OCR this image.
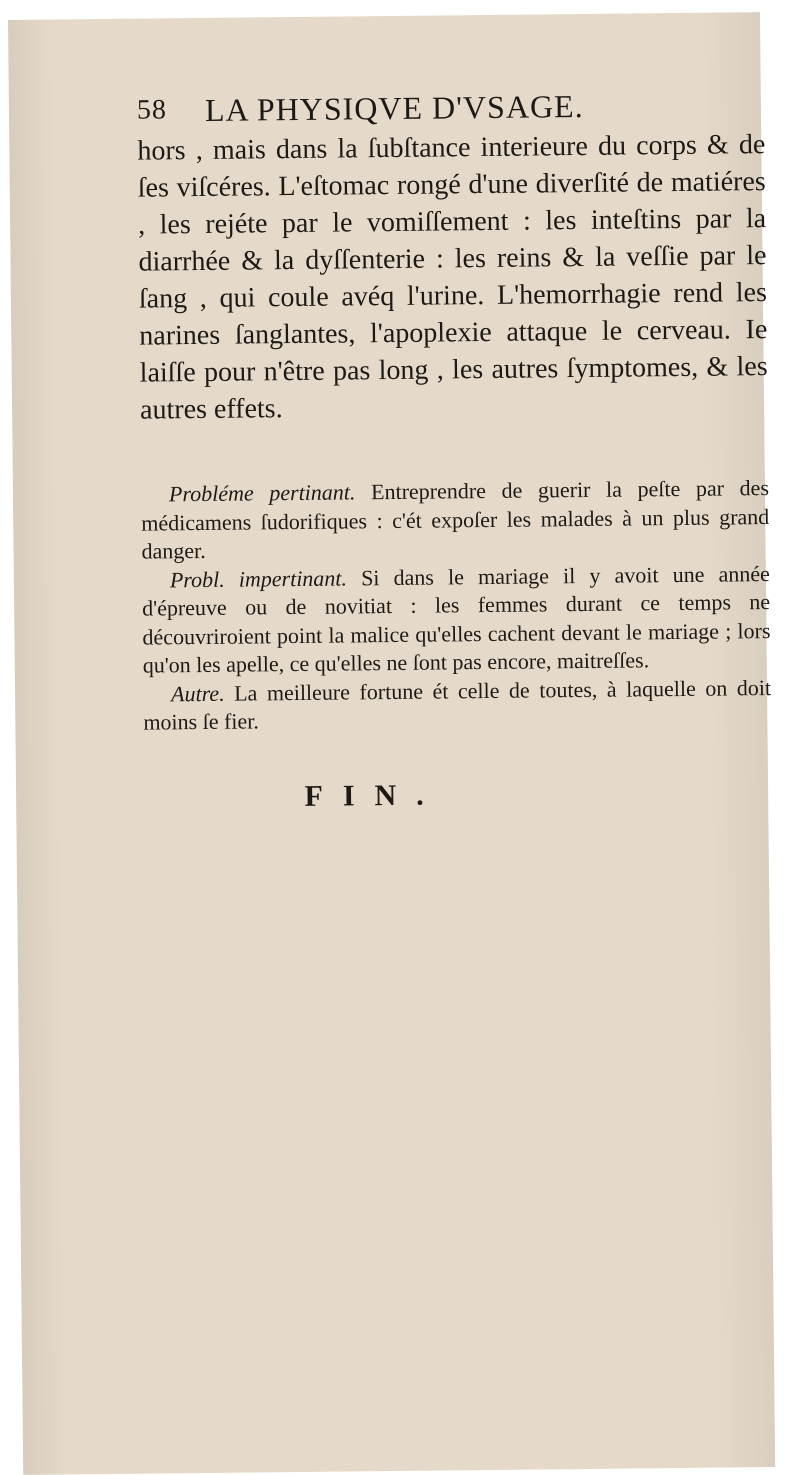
58 LA PHYSIQVE D'VSAGE.

hors , mais dans la ſubſtance interieure du corps & de ſes viſcéres. L'eſtomac rongé d'une diverſité de matiéres , les rejéte par le vomiſſement : les inteſtins par la diarrhée & la dyſſenterie : les reins & la veſſie par le ſang , qui coule avéq l'urine. L'hemorrhagie rend les narines ſanglantes, l'apoplexie attaque le cerveau. Ie laiſſe pour n'être pas long , les autres ſymptomes, & les autres effets.

Probléme pertinant. Entreprendre de guerir la peſte par des médicamens ſudorifiques : c'ét expoſer les malades à un plus grand danger.

Probl. impertinant. Si dans le mariage il y avoit une année d'épreuve ou de novitiat : les femmes durant ce temps ne découvriroient point la malice qu'elles cachent devant le mariage ; lors qu'on les apelle, ce qu'elles ne ſont pas encore, maitreſſes.

Autre. La meilleure fortune ét celle de toutes, à laquelle on doit moins ſe fier.

FIN.
